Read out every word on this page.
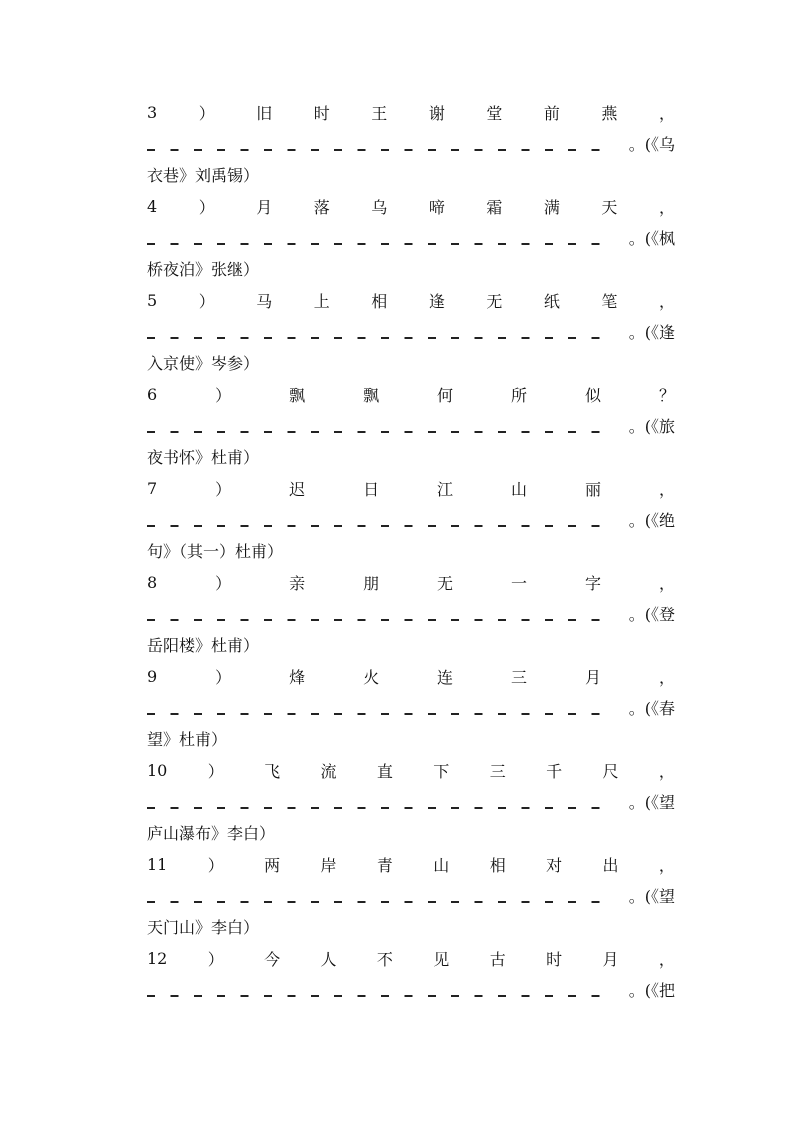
3	）	旧	时	王	谢	堂	前	燕	，
。(《乌
衣巷》刘禹锡）
4	）	月	落	乌	啼	霜	满	天	，
。(《枫
桥夜泊》张继）
5	）	马	上	相	逢	无	纸	笔	，
。(《逢
入京使》岑参）
6	）	飘	飘	何	所	似	？
。(《旅
夜书怀》杜甫）
7	）	迟	日	江	山	丽	，
。(《绝
句》（其一）杜甫）
8	）	亲	朋	无	一	字	，
。(《登
岳阳楼》杜甫）
9	）	烽	火	连	三	月	，
。(《春
望》杜甫）
10	）	飞	流	直	下	三	千	尺	，
。(《望
庐山瀑布》李白）
11	）	两	岸	青	山	相	对	出	，
。(《望
天门山》李白）
12	）	今	人	不	见	古	时	月	，
。(《把
